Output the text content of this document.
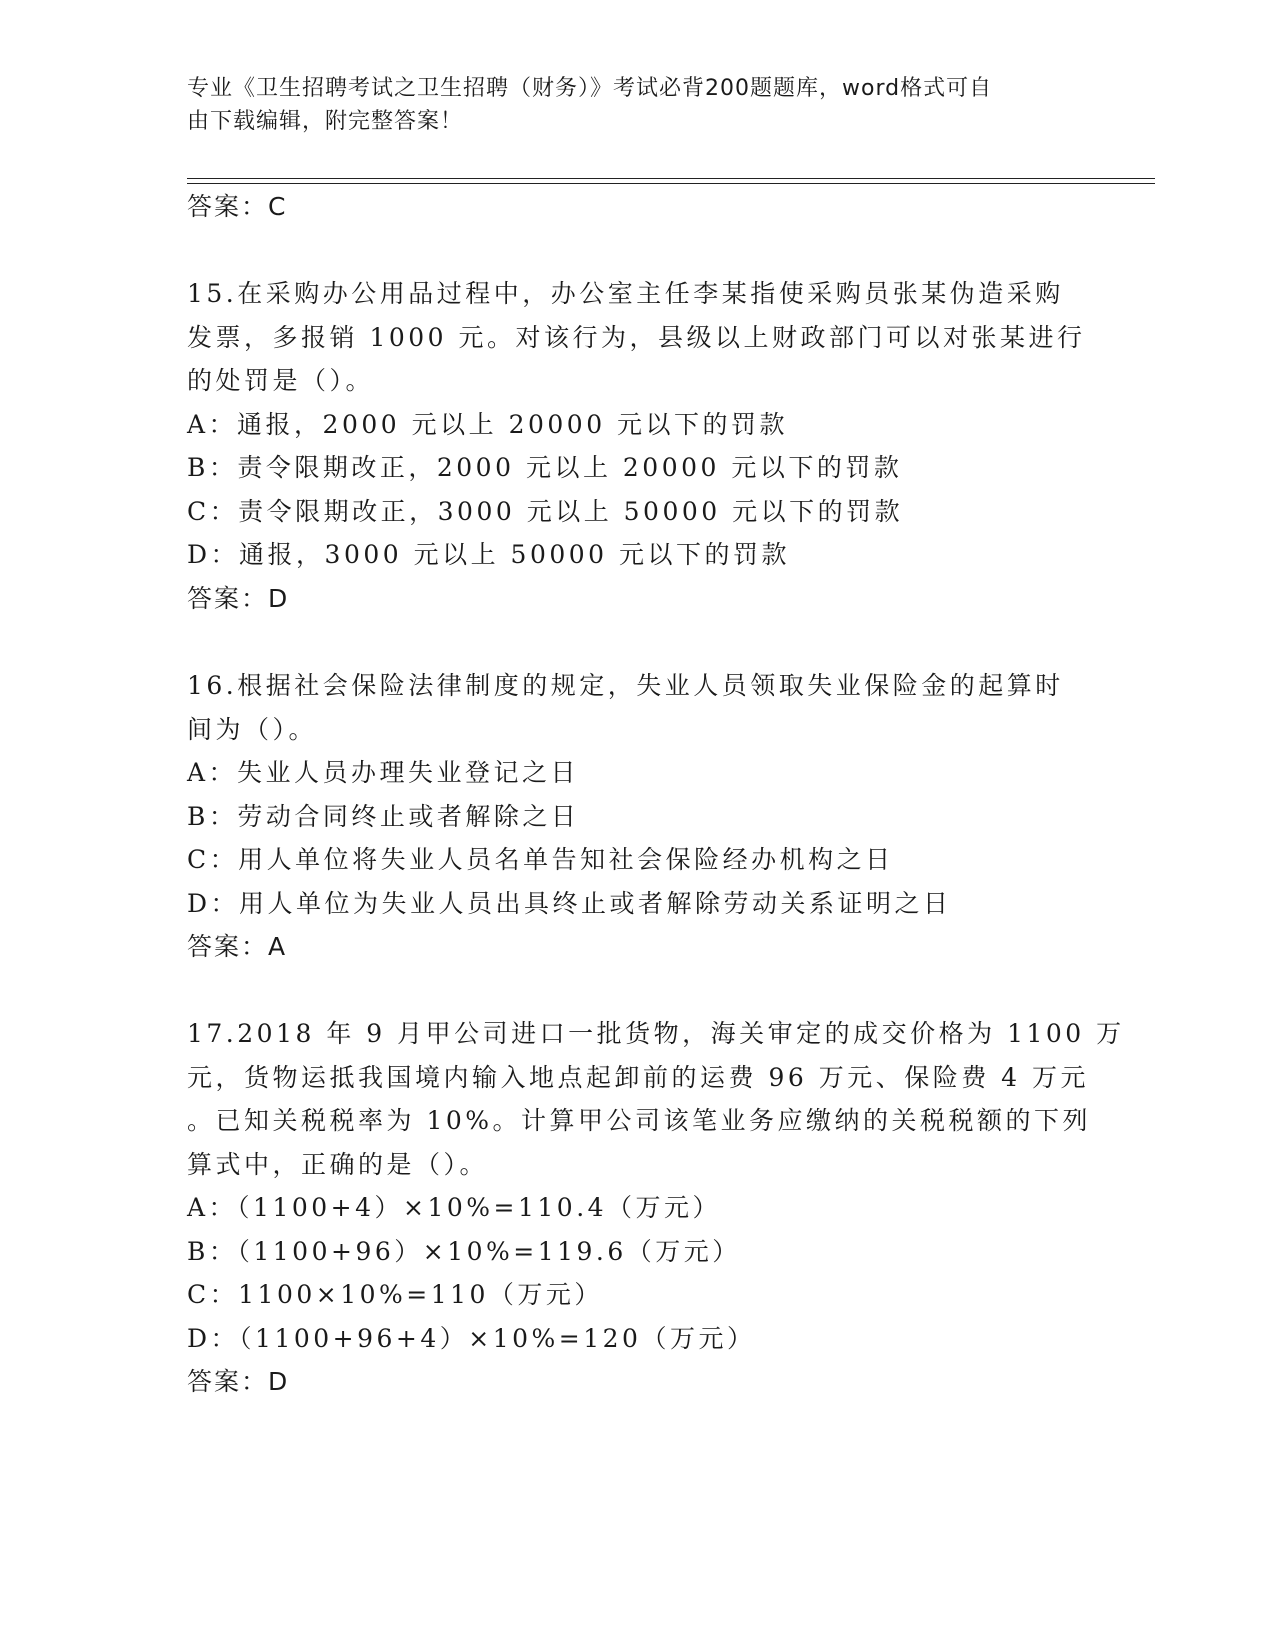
专业《卫生招聘考试之卫生招聘（财务）》考试必背200题题库，word格式可自
由下载编辑，附完整答案！
答案：C
15.在采购办公用品过程中，办公室主任李某指使采购员张某伪造采购
发票，多报销 1000 元。对该行为，县级以上财政部门可以对张某进行
的处罚是（）。
A：通报，2000 元以上 20000 元以下的罚款
B：责令限期改正，2000 元以上 20000 元以下的罚款
C：责令限期改正，3000 元以上 50000 元以下的罚款
D：通报，3000 元以上 50000 元以下的罚款
答案：D
16.根据社会保险法律制度的规定，失业人员领取失业保险金的起算时
间为（）。
A：失业人员办理失业登记之日
B：劳动合同终止或者解除之日
C：用人单位将失业人员名单告知社会保险经办机构之日
D：用人单位为失业人员出具终止或者解除劳动关系证明之日
答案：A
17.2018 年 9 月甲公司进口一批货物，海关审定的成交价格为 1100 万
元，货物运抵我国境内输入地点起卸前的运费 96 万元、保险费 4 万元
。已知关税税率为 10%。计算甲公司该笔业务应缴纳的关税税额的下列
算式中，正确的是（）。
A：（1100+4）×10%=110.4（万元）
B：（1100+96）×10%=119.6（万元）
C：1100×10%=110（万元）
D：（1100+96+4）×10%=120（万元）
答案：D
